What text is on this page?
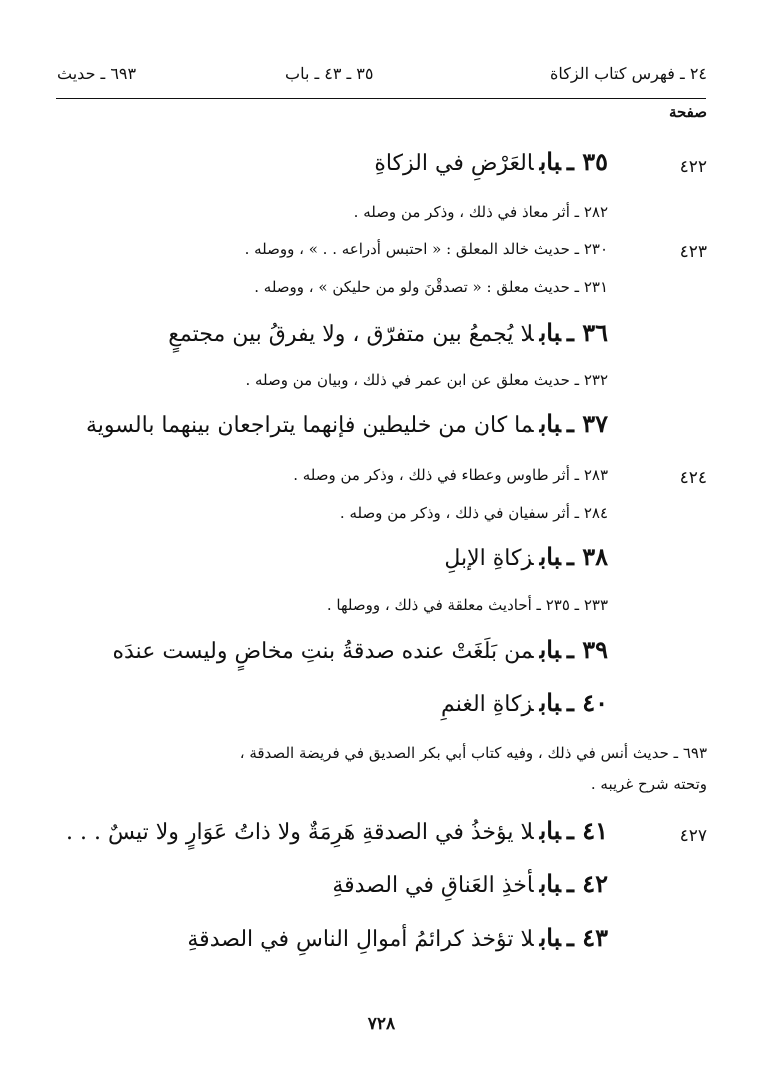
٢٤ ـ فهرس كتاب الزكاة
٣٥ ـ ٤٣ ـ باب
٦٩٣ ـ حديث
صفحة
٣٥ ـبابالعَرْضِ في الزكاةِ	٤٢٢
٢٨٢ ـ أثر معاذ في ذلك ، وذكر من وصله .
٢٣٠ ـ حديث خالد المعلق : « احتبس أدراعه . . » ، ووصله .	٤٢٣
٢٣١ ـ حديث معلق : « تصدقْنَ ولو من حليكن » ، ووصله .
٣٦ ـبابلا يُجمعُ بين متفرّق ، ولا يفرقُ بين مجتمعٍ
٢٣٢ ـ حديث معلق عن ابن عمر في ذلك ، وبيان من وصله .
٣٧ ـبابما كان من خليطين فإنهما يتراجعان بينهما بالسوية
٢٨٣ ـ أثر طاوس وعطاء في ذلك ، وذكر من وصله .	٤٢٤
٢٨٤ ـ أثر سفيان في ذلك ، وذكر من وصله .
٣٨ ـبابزكاةِ الإبلِ
٢٣٣ ـ ٢٣٥ ـ أحاديث معلقة في ذلك ، ووصلها .
٣٩ ـبابمن بَلَغَتْ عنده صدقةُ بنتِ مخاضٍ وليست عندَه
٤٠ ـبابزكاةِ الغنمِ
٦٩٣ ـ حديث أنس في ذلك ، وفيه كتاب أبي بكر الصديق في فريضة الصدقة ،
وتحته شرح غريبه .
٤١ ـبابلا يؤخذُ في الصدقةِ هَرِمَةٌ ولا ذاتُ عَوَارٍ ولا تيسٌ . . .	٤٢٧
٤٢ ـبابأخذِ العَناقِ في الصدقةِ
٤٣ ـبابلا تؤخذ كرائمُ أموالِ الناسِ في الصدقةِ
٧٢٨
